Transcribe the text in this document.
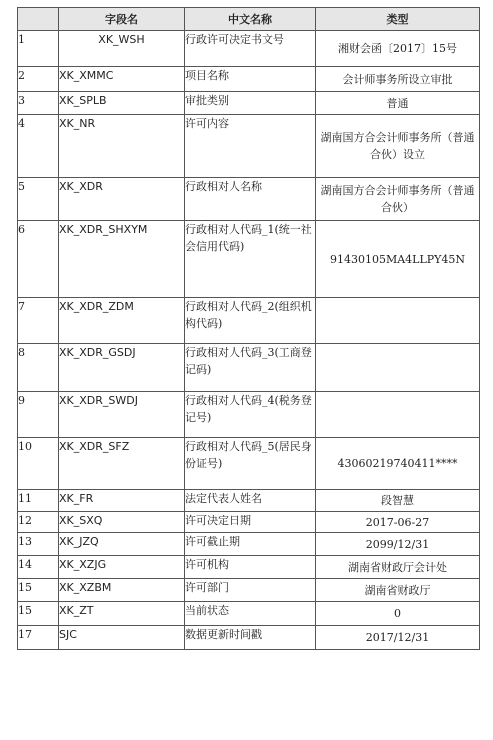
	字段名	中文名称	类型
1	XK_WSH	行政许可决定书文号	湘财会函〔2017〕15号
2	XK_XMMC	项目名称	会计师事务所设立审批
3	XK_SPLB	审批类别	普通
4	XK_NR	许可内容	湖南国方合会计师事务所（普通合伙）设立
5	XK_XDR	行政相对人名称	湖南国方合会计师事务所（普通合伙）
6	XK_XDR_SHXYM	行政相对人代码_1(统一社会信用代码)	91430105MA4LLPY45N
7	XK_XDR_ZDM	行政相对人代码_2(组织机构代码)	
8	XK_XDR_GSDJ	行政相对人代码_3(工商登记码)	
9	XK_XDR_SWDJ	行政相对人代码_4(税务登记号)	
10	XK_XDR_SFZ	行政相对人代码_5(居民身份证号)	43060219740411****
11	XK_FR	法定代表人姓名	段智慧
12	XK_SXQ	许可决定日期	2017-06-27
13	XK_JZQ	许可截止期	2099/12/31
14	XK_XZJG	许可机构	湖南省财政厅会计处
15	XK_XZBM	许可部门	湖南省财政厅
15	XK_ZT	当前状态	0
17	SJC	数据更新时间戳	2017/12/31
